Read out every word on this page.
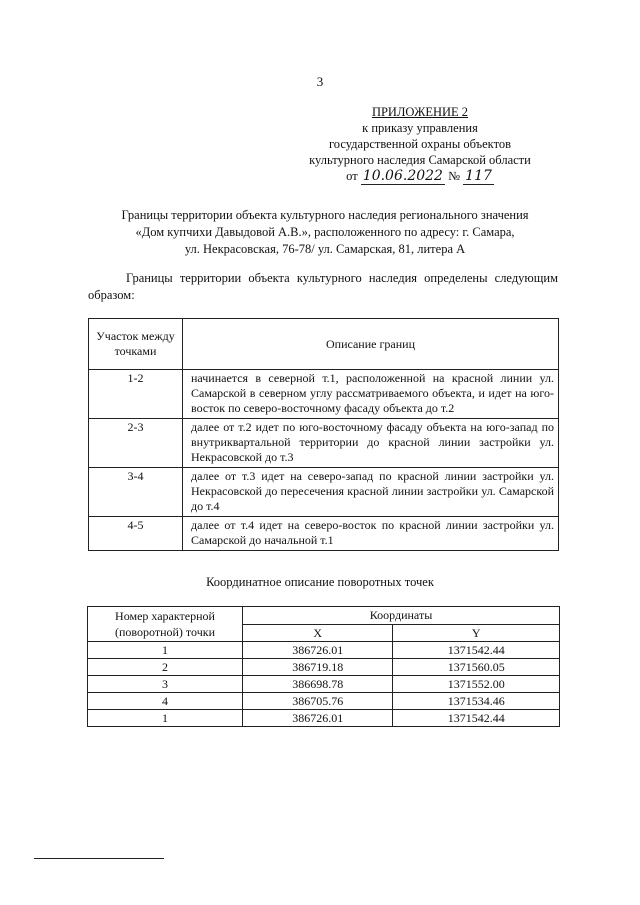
3
ПРИЛОЖЕНИЕ 2
к приказу управления
государственной охраны объектов
культурного наследия Самарской области
от 10.06.2022 № 117
Границы территории объекта культурного наследия регионального значения
«Дом купчихи Давыдовой А.В.», расположенного по адресу: г. Самара,
ул. Некрасовская, 76-78/ ул. Самарская, 81, литера А
Границы территории объекта культурного наследия определены следующим образом:
Участок между точками	Описание границ
1-2	начинается в северной т.1, расположенной на красной линии ул. Самарской в северном углу рассматриваемого объекта, и идет на юго-восток по северо-восточному фасаду объекта до т.2
2-3	далее от т.2 идет по юго-восточному фасаду объекта на юго-запад по внутриквартальной территории до красной линии застройки ул. Некрасовской до т.3
3-4	далее от т.3 идет на северо-запад по красной линии застройки ул. Некрасовской до пересечения красной линии застройки ул. Самарской до т.4
4-5	далее от т.4 идет на северо-восток по красной линии застройки ул. Самарской до начальной т.1
Координатное описание поворотных точек
Номер характерной (поворотной) точки	Координаты	
	X	Y
1	386726.01	1371542.44
2	386719.18	1371560.05
3	386698.78	1371552.00
4	386705.76	1371534.46
1	386726.01	1371542.44
